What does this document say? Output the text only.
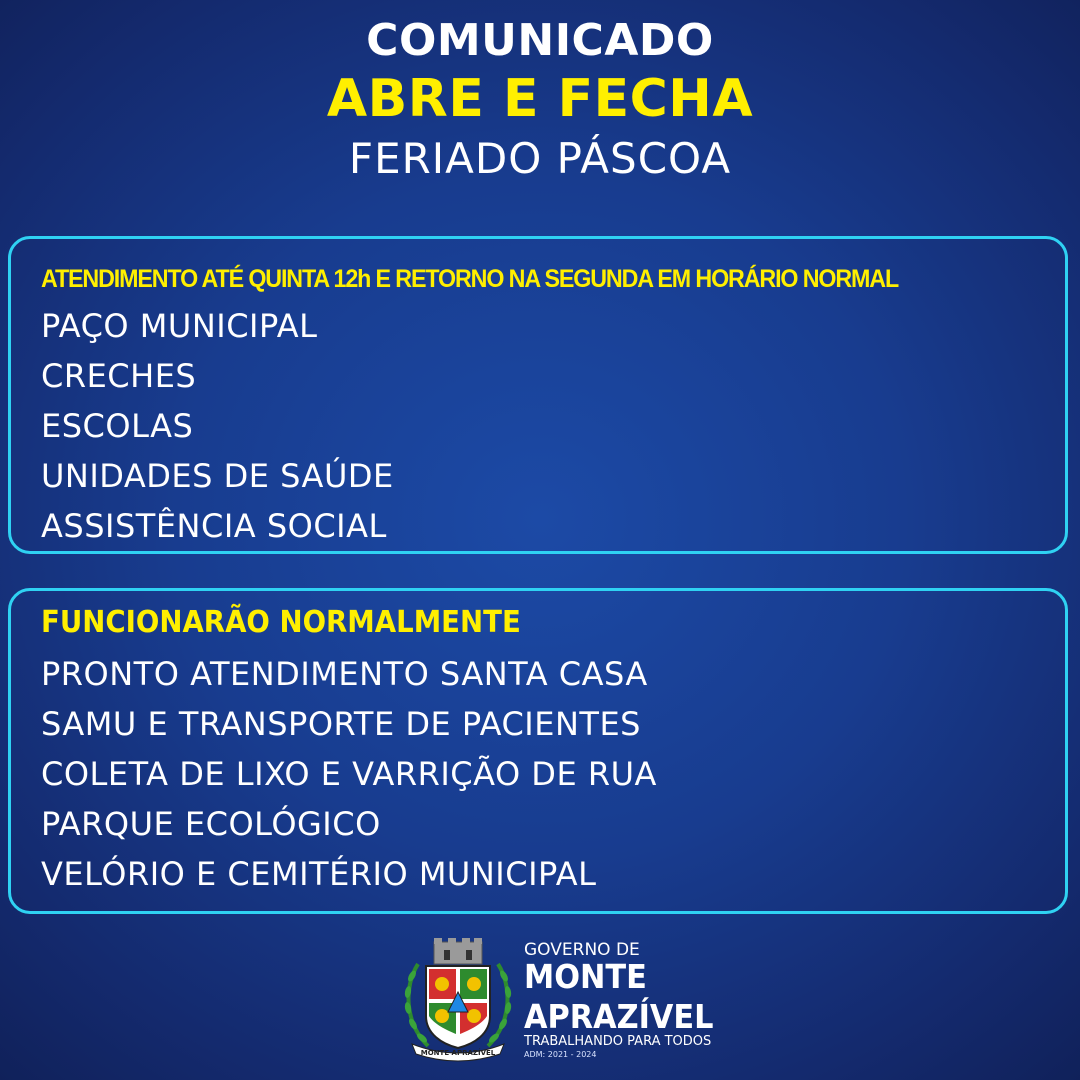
COMUNICADO
ABRE E FECHA
FERIADO PÁSCOA
ATENDIMENTO ATÉ QUINTA 12h E RETORNO NA SEGUNDA EM HORÁRIO NORMAL
PAÇO MUNICIPAL
CRECHES
ESCOLAS
UNIDADES DE SAÚDE
ASSISTÊNCIA SOCIAL
FUNCIONARÃO NORMALMENTE
PRONTO ATENDIMENTO SANTA CASA
SAMU E TRANSPORTE DE PACIENTES
COLETA DE LIXO E VARRIÇÃO DE RUA
PARQUE ECOLÓGICO
VELÓRIO E CEMITÉRIO MUNICIPAL
MONTE APRAZÍVEL
GOVERNO DE
MONTE
APRAZÍVEL
TRABALHANDO PARA TODOS
ADM: 2021 - 2024
